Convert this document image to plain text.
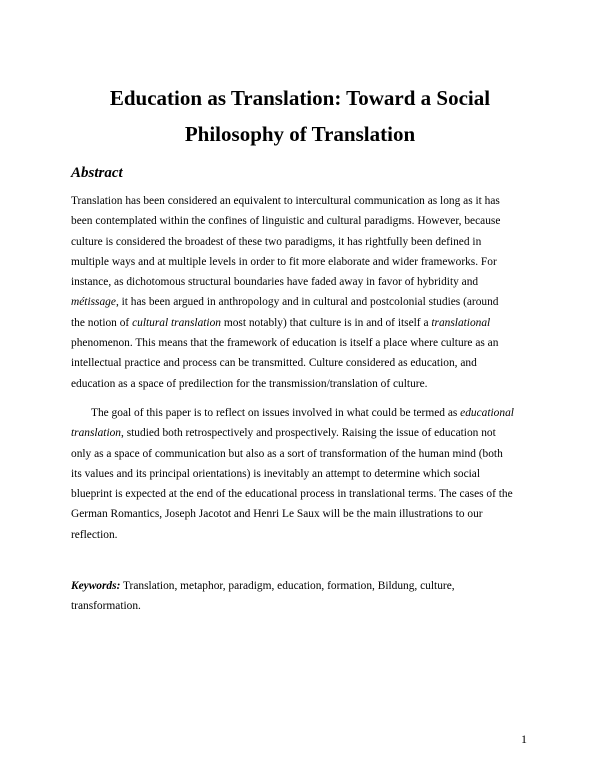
Education as Translation: Toward a Social
Philosophy of Translation
Abstract
Translation has been considered an equivalent to intercultural communication as long as it has
been contemplated within the confines of linguistic and cultural paradigms. However, because
culture is considered the broadest of these two paradigms, it has rightfully been defined in
multiple ways and at multiple levels in order to fit more elaborate and wider frameworks. For
instance, as dichotomous structural boundaries have faded away in favor of hybridity and
métissage, it has been argued in anthropology and in cultural and postcolonial studies (around
the notion of cultural translation most notably) that culture is in and of itself a translational
phenomenon. This means that the framework of education is itself a place where culture as an
intellectual practice and process can be transmitted. Culture considered as education, and
education as a space of predilection for the transmission/translation of culture.
The goal of this paper is to reflect on issues involved in what could be termed as educational
translation, studied both retrospectively and prospectively. Raising the issue of education not
only as a space of communication but also as a sort of transformation of the human mind (both
its values and its principal orientations) is inevitably an attempt to determine which social
blueprint is expected at the end of the educational process in translational terms. The cases of the
German Romantics, Joseph Jacotot and Henri Le Saux will be the main illustrations to our
reflection.
Keywords: Translation, metaphor, paradigm, education, formation, Bildung, culture,
transformation.
1
